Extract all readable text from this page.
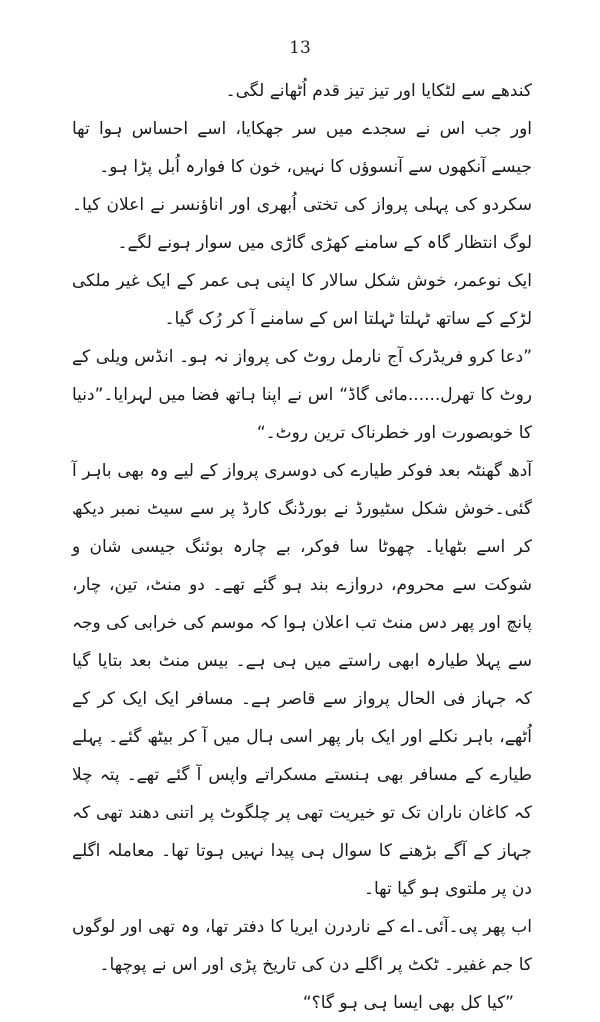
13

کندھے سے لٹکایا اور تیز تیز قدم اُٹھانے لگی۔

اور جب اس نے سجدے میں سر جھکایا، اسے احساس ہوا تھا جیسے آنکھوں سے آنسوؤں کا نہیں، خون کا فوارہ اُبل پڑا ہو۔

سکردو کی پہلی پرواز کی تختی اُبھری اور اناؤنسر نے اعلان کیا۔لوگ انتظار گاہ کے سامنے کھڑی گاڑی میں سوار ہونے لگے۔

ایک نوعمر، خوش شکل سالار کا اپنی ہی عمر کے ایک غیر ملکی لڑکے کے ساتھ ٹہلتا ٹہلتا اس کے سامنے آ کر رُک گیا۔

”دعا کرو فریڈرک آج نارمل روٹ کی پرواز نہ ہو۔ انڈس ویلی کے روٹ کا تھرل......مائی گاڈ“ اس نے اپنا ہاتھ فضا میں لہرایا۔”دنیا کا خوبصورت اور خطرناک ترین روٹ۔“

آدھ گھنٹہ بعد فوکر طیارے کی دوسری پرواز کے لیے وہ بھی باہر آ گئی۔خوش شکل سٹیورڈ نے بورڈنگ کارڈ پر سے سیٹ نمبر دیکھ کر اسے بٹھایا۔ چھوٹا سا فوکر، بے چارہ بوئنگ جیسی شان و شوکت سے محروم، دروازے بند ہو گئے تھے۔ دو منٹ، تین، چار، پانچ اور پھر دس منٹ تب اعلان ہوا کہ موسم کی خرابی کی وجہ سے پہلا طیارہ ابھی راستے میں ہی ہے۔ بیس منٹ بعد بتایا گیا کہ جہاز فی الحال پرواز سے قاصر ہے۔ مسافر ایک ایک کر کے اُٹھے، باہر نکلے اور ایک بار پھر اسی ہال میں آ کر بیٹھ گئے۔ پہلے طیارے کے مسافر بھی ہنستے مسکراتے واپس آ گئے تھے۔ پتہ چلا کہ کاغان ناران تک تو خیریت تھی پر چلگوٹ پر اتنی دھند تھی کہ جہاز کے آگے بڑھنے کا سوال ہی پیدا نہیں ہوتا تھا۔ معاملہ اگلے دن پر ملتوی ہو گیا تھا۔

اب پھر پی۔آئی۔اے کے ناردرن ایریا کا دفتر تھا، وہ تھی اور لوگوں کا جم غفیر۔ ٹکٹ پر اگلے دن کی تاریخ پڑی اور اس نے پوچھا۔

”کیا کل بھی ایسا ہی ہو گا؟“
